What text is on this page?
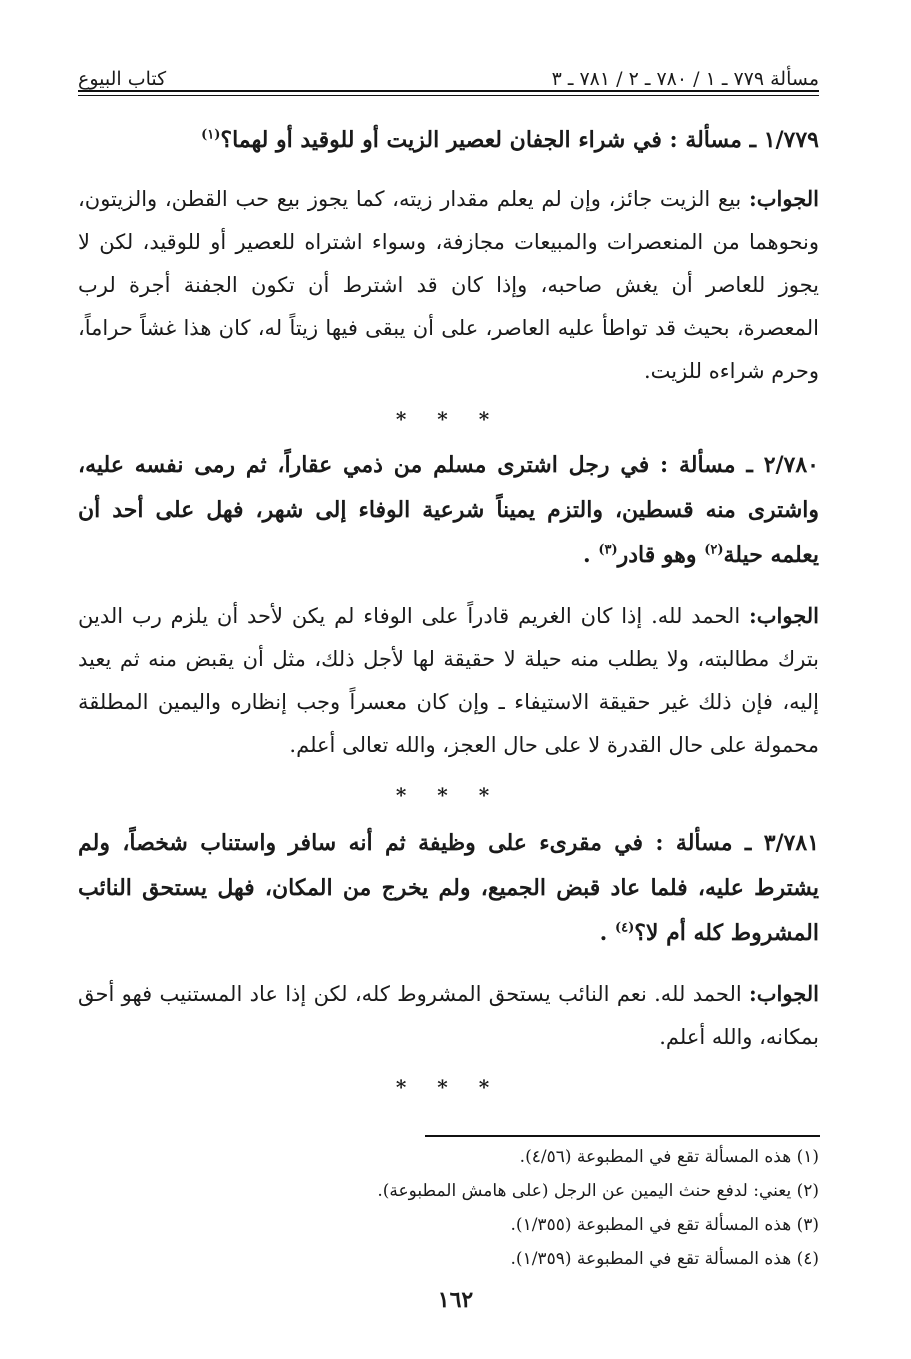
مسألة ٧٧٩ ـ ١ / ٧٨٠ ـ ٢ / ٧٨١ ـ ٣
كتاب البيوع

١/٧٧٩ ـ مسألة : في شراء الجفان لعصير الزيت أو للوقيد أو لهما؟$^{(١)}$

الجواب: بيع الزيت جائز، وإن لم يعلم مقدار زيته، كما يجوز بيع حب القطن، والزيتون، ونحوهما من المنعصرات والمبيعات مجازفة، وسواء اشتراه للعصير أو للوقيد، لكن لا يجوز للعاصر أن يغش صاحبه، وإذا كان قد اشترط أن تكون الجفنة أجرة لرب المعصرة، بحيث قد تواطأ عليه العاصر، على أن يبقى فيها زيتاً له، كان هذا غشاً حراماً، وحرم شراءه للزيت.

* * *

٢/٧٨٠ ـ مسألة : في رجل اشترى مسلم من ذمي عقاراً، ثم رمى نفسه عليه، واشترى منه قسطين، والتزم يميناً شرعية الوفاء إلى شهر، فهل على أحد أن يعلمه حيلة$^{(٢)}$ وهو قادر$^{(٣)}$ .

الجواب: الحمد لله. إذا كان الغريم قادراً على الوفاء لم يكن لأحد أن يلزم رب الدين بترك مطالبته، ولا يطلب منه حيلة لا حقيقة لها لأجل ذلك، مثل أن يقبض منه ثم يعيد إليه، فإن ذلك غير حقيقة الاستيفاء ـ وإن كان معسراً وجب إنظاره واليمين المطلقة محمولة على حال القدرة لا على حال العجز، والله تعالى أعلم.

* * *

٣/٧٨١ ـ مسألة : في مقرىء على وظيفة ثم أنه سافر واستناب شخصاً، ولم يشترط عليه، فلما عاد قبض الجميع، ولم يخرج من المكان، فهل يستحق النائب المشروط كله أم لا؟$^{(٤)}$ .

الجواب: الحمد لله. نعم النائب يستحق المشروط كله، لكن إذا عاد المستنيب فهو أحق بمكانه، والله أعلم.

* * *
(١) هذه المسألة تقع في المطبوعة (٤/٥٦).
(٢) يعني: لدفع حنث اليمين عن الرجل (على هامش المطبوعة).
(٣) هذه المسألة تقع في المطبوعة (١/٣٥٥).
(٤) هذه المسألة تقع في المطبوعة (١/٣٥٩).
١٦٢
